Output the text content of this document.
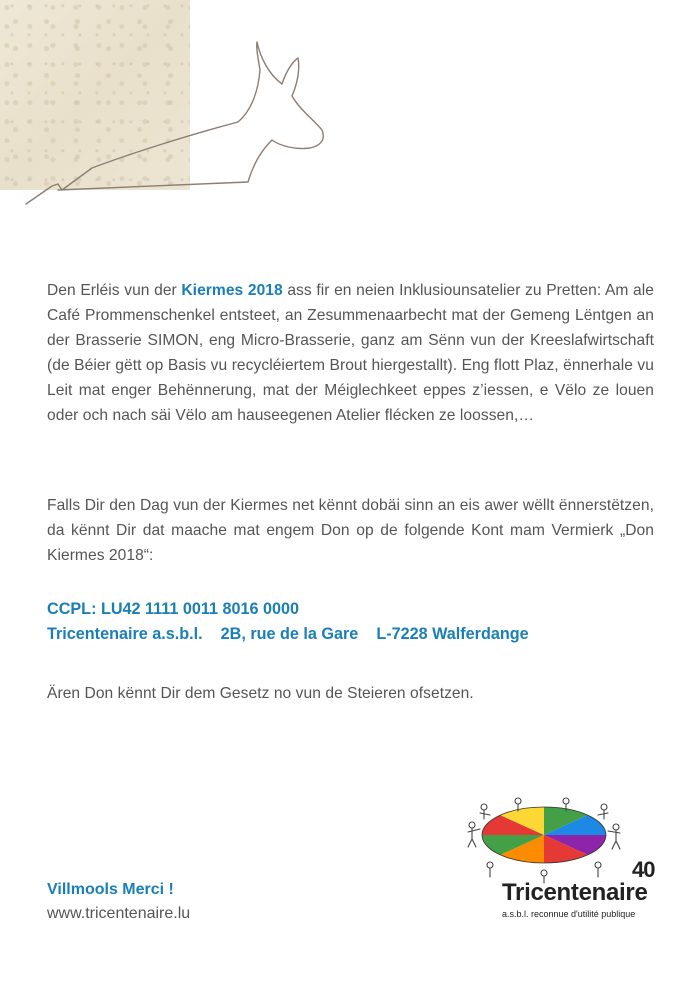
Den Erléis vun der Kiermes 2018 ass fir en neien Inklusiounsatelier zu Pretten: Am ale Café Prommenschenkel entsteet, an Zesummenaarbecht mat der Gemeng Lëntgen an der Brasserie SIMON, eng Micro-Brasserie, ganz am Sënn vun der Kreeslafwirtschaft (de Béier gëtt op Basis vu recycléiertem Brout hiergestallt). Eng flott Plaz, ënnerhale vu Leit mat enger Behënnerung, mat der Méiglechkeet eppes z’iessen, e Vëlo ze louen oder och nach säi Vëlo am hauseegenen Atelier flécken ze loossen,…

Falls Dir den Dag vun der Kiermes net kënnt dobäi sinn an eis awer wëllt ënnerstëtzen, da kënnt Dir dat maache mat engem Don op de folgende Kont mam Vermierk „Don Kiermes 2018“:

CCPL: LU42 1111 0011 8016 0000
Tricentenaire a.s.b.l. 2B, rue de la Gare L-7228 Walferdange

Ären Don kënnt Dir dem Gesetz no vun de Steieren ofsetzen.

Villmools Merci !
www.tricentenaire.lu
40
Tricentenaire
a.s.b.l. reconnue d'utilité publique
